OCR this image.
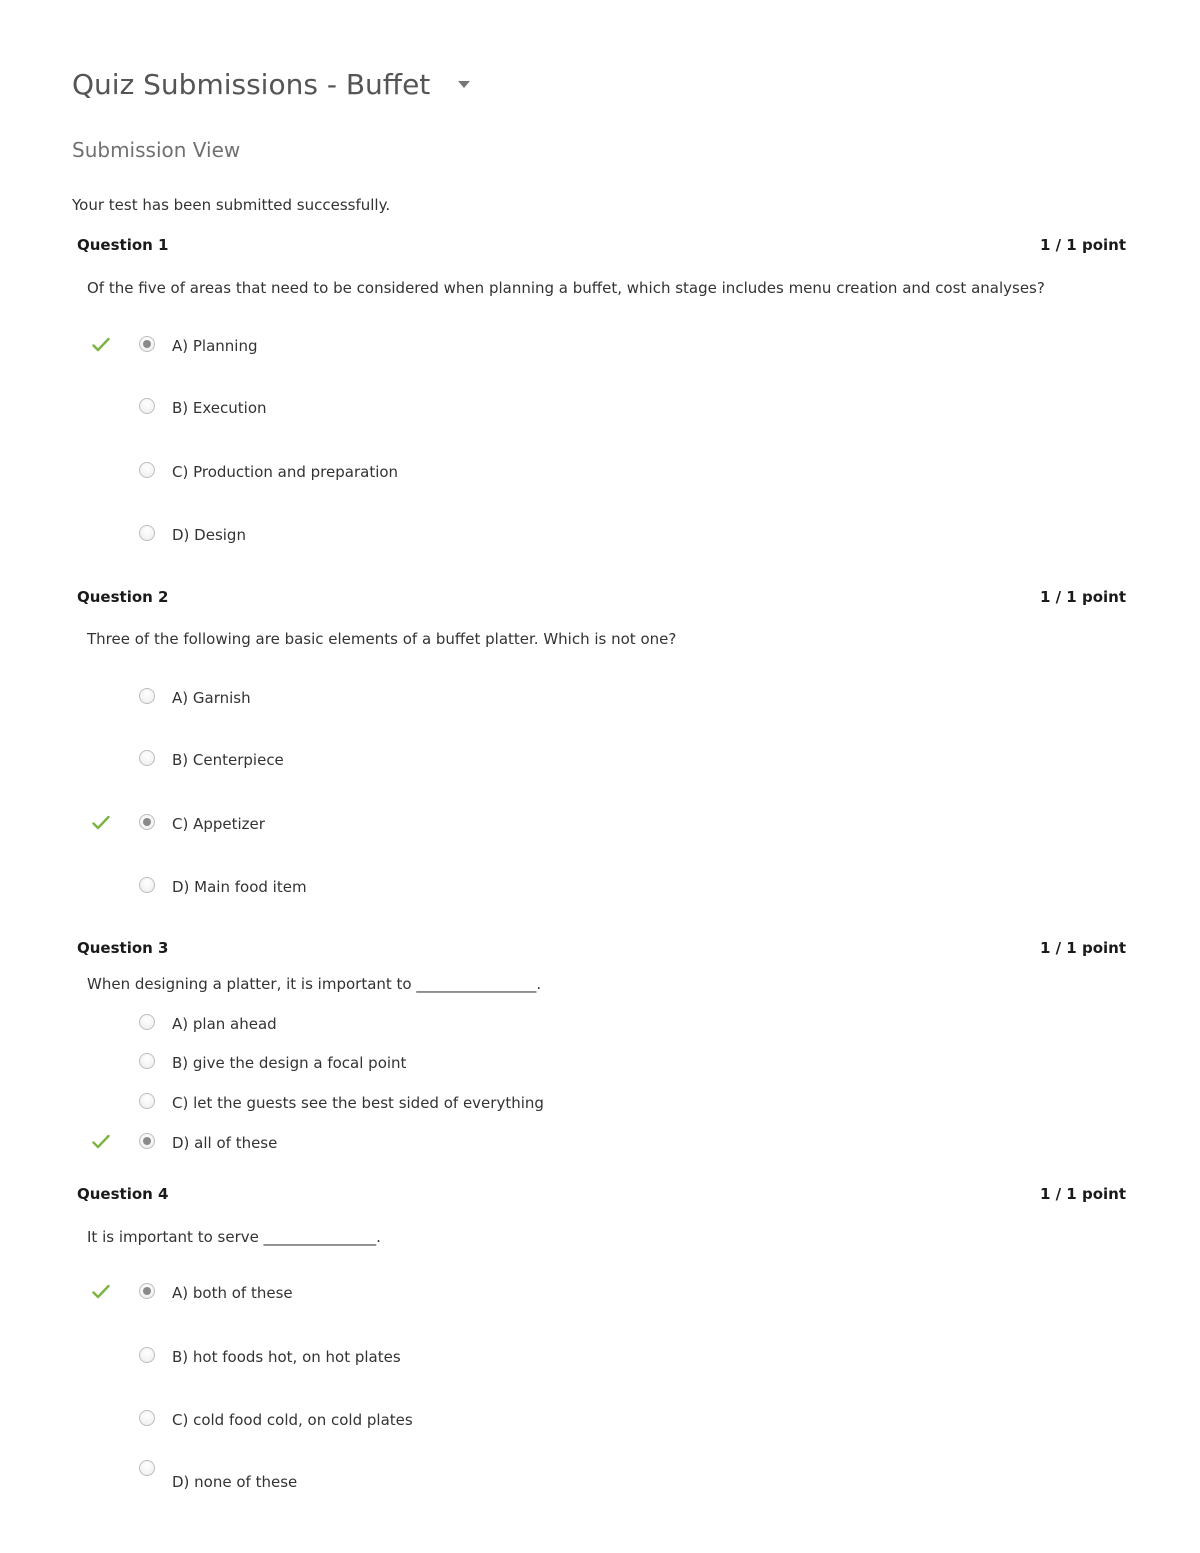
Quiz Submissions - Buffet
Submission View
Your test has been submitted successfully.
Question 1	1 / 1 point
Of the five of areas that need to be considered when planning a buffet, which stage includes menu creation and cost analyses?
A) Planning
B) Execution
C) Production and preparation
D) Design
Question 2	1 / 1 point
Three of the following are basic elements of a buffet platter. Which is not one?
A) Garnish
B) Centerpiece
C) Appetizer
D) Main food item
Question 3	1 / 1 point
When designing a platter, it is important to ________________.
A) plan ahead
B) give the design a focal point
C) let the guests see the best sided of everything
D) all of these
Question 4	1 / 1 point
It is important to serve _______________.
A) both of these
B) hot foods hot, on hot plates
C) cold food cold, on cold plates
D) none of these
